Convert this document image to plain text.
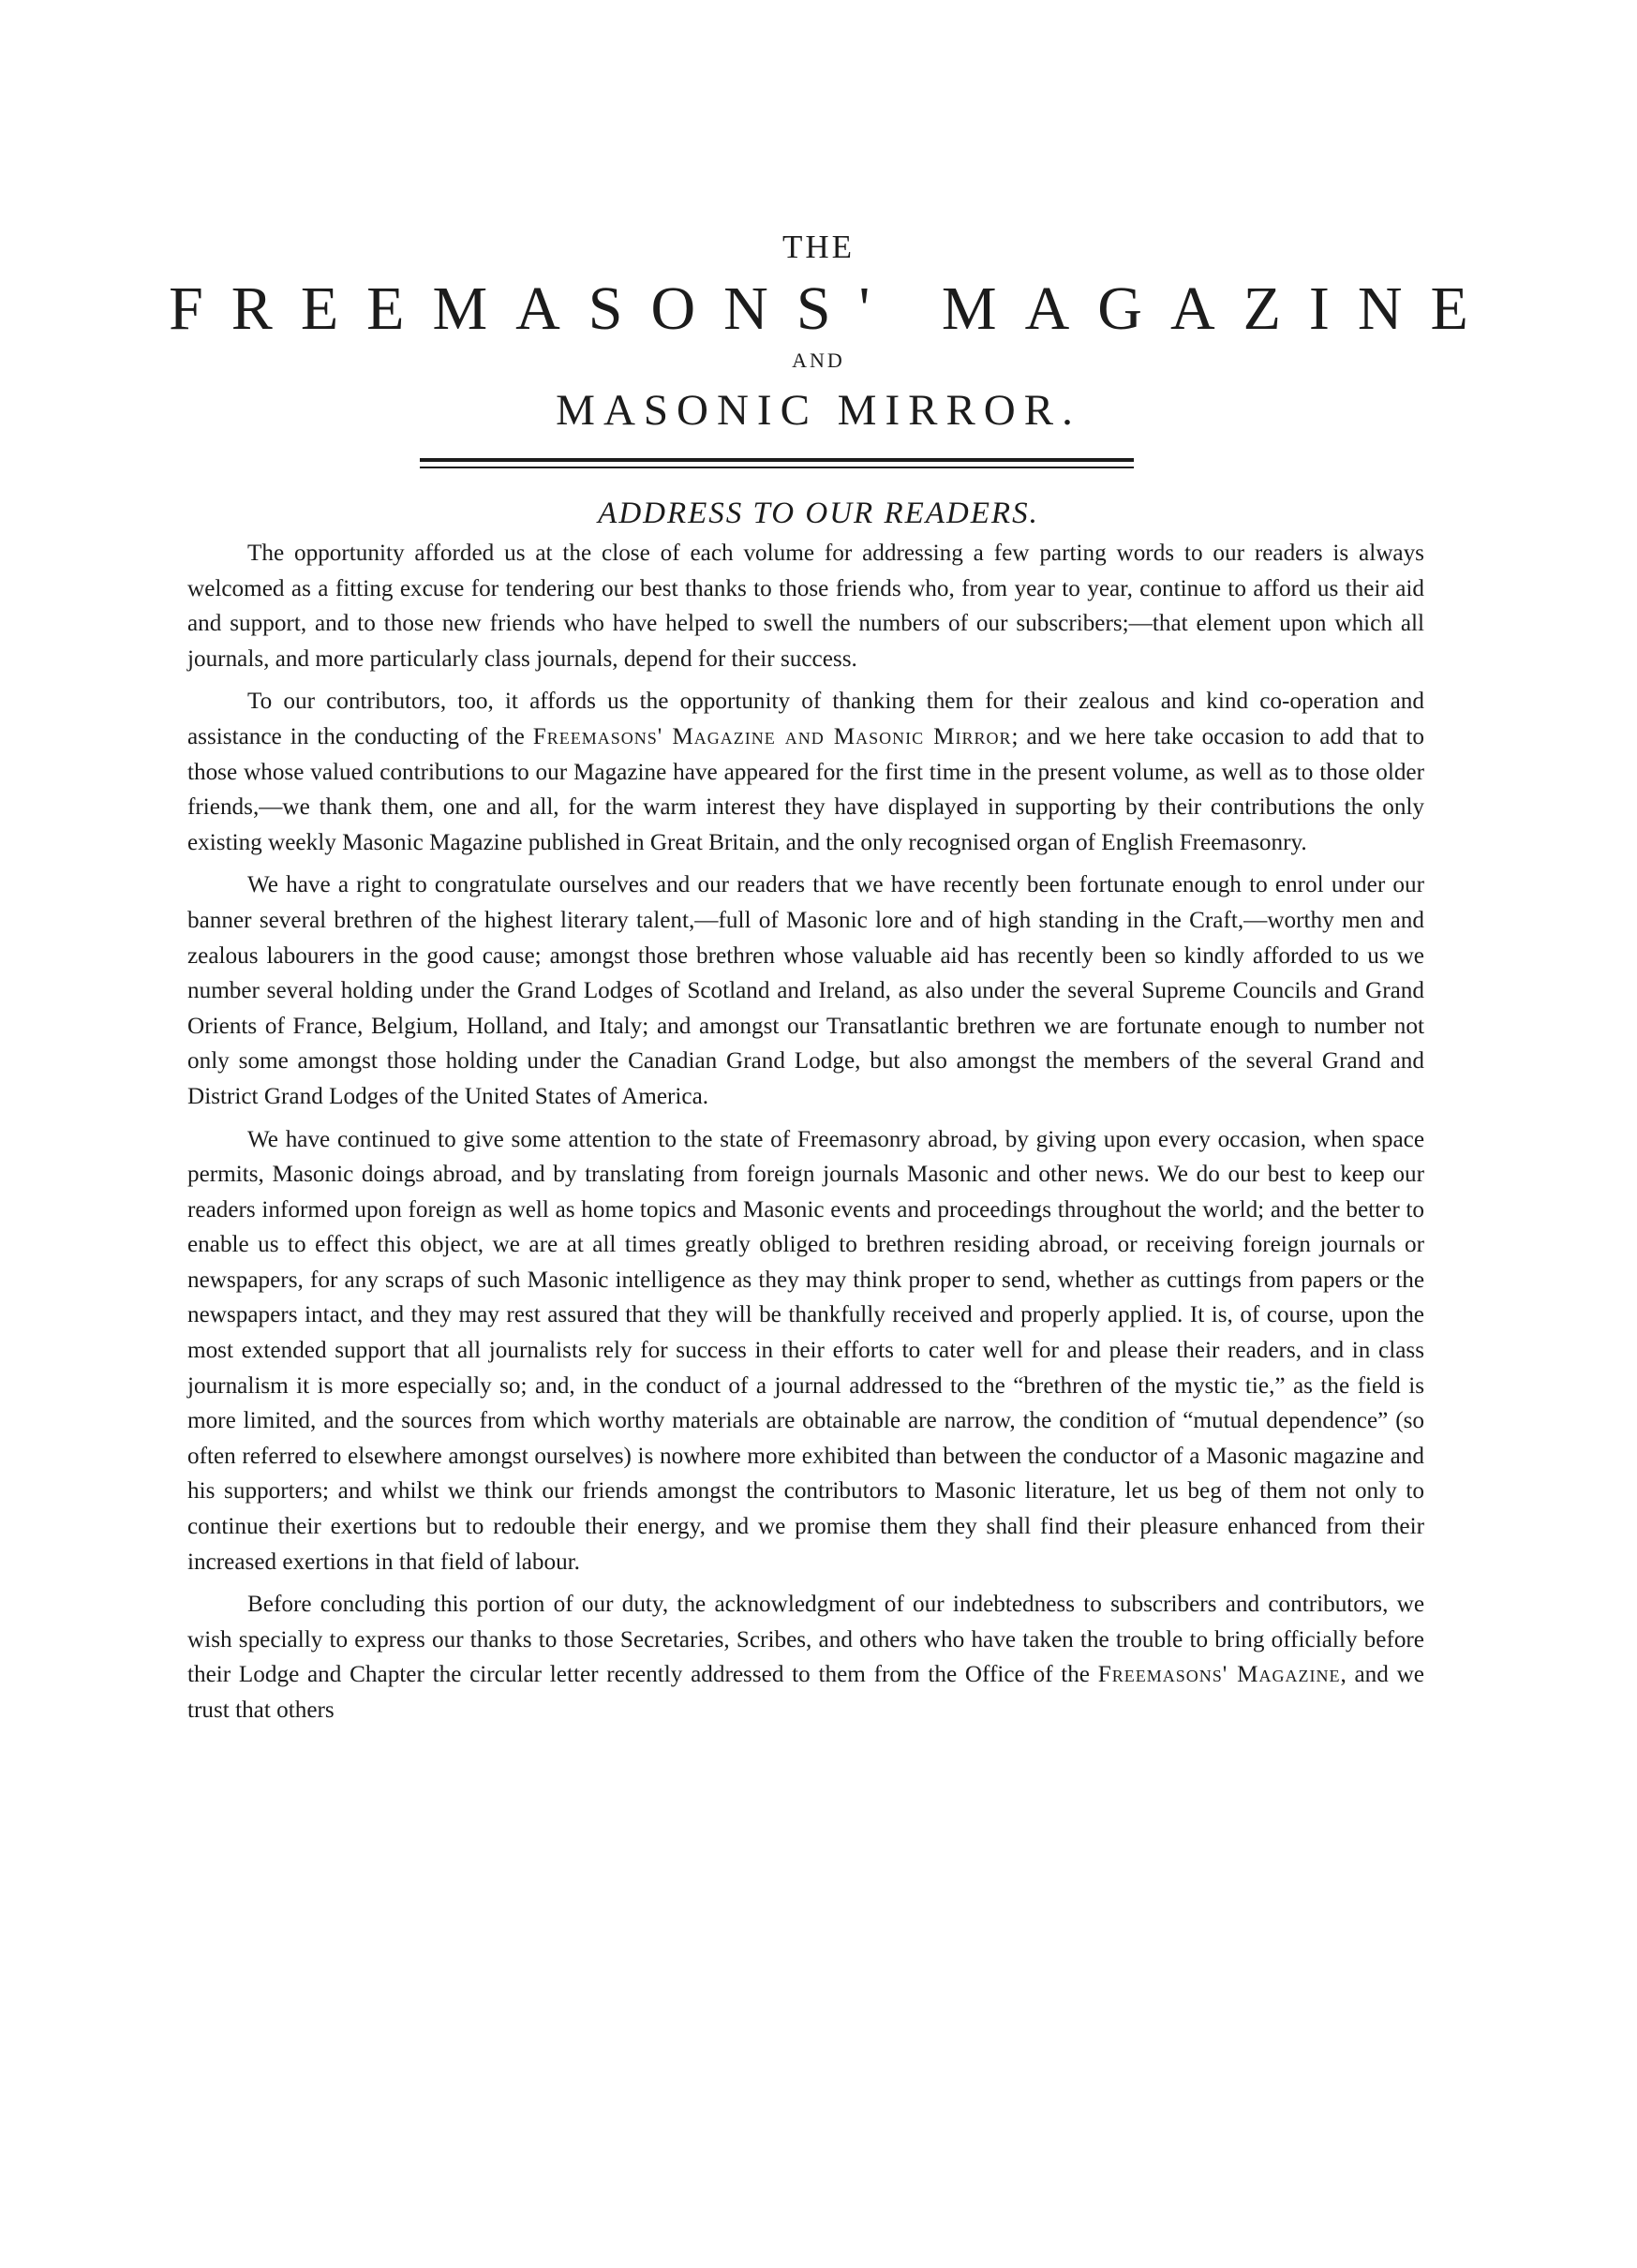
THE
FREEMASONS' MAGAZINE
AND
MASONIC MIRROR.
ADDRESS TO OUR READERS.

The opportunity afforded us at the close of each volume for addressing a few parting words to our readers is always welcomed as a fitting excuse for tendering our best thanks to those friends who, from year to year, continue to afford us their aid and support, and to those new friends who have helped to swell the numbers of our subscribers;—that element upon which all journals, and more particularly class journals, depend for their success.

To our contributors, too, it affords us the opportunity of thanking them for their zealous and kind co-operation and assistance in the conducting of the Freemasons' Magazine and Masonic Mirror; and we here take occasion to add that to those whose valued contributions to our Magazine have appeared for the first time in the present volume, as well as to those older friends,—we thank them, one and all, for the warm interest they have displayed in supporting by their contributions the only existing weekly Masonic Magazine published in Great Britain, and the only recognised organ of English Freemasonry.

We have a right to congratulate ourselves and our readers that we have recently been fortunate enough to enrol under our banner several brethren of the highest literary talent,—full of Masonic lore and of high standing in the Craft,—worthy men and zealous labourers in the good cause; amongst those brethren whose valuable aid has recently been so kindly afforded to us we number several holding under the Grand Lodges of Scotland and Ireland, as also under the several Supreme Councils and Grand Orients of France, Belgium, Holland, and Italy; and amongst our Transatlantic brethren we are fortunate enough to number not only some amongst those holding under the Canadian Grand Lodge, but also amongst the members of the several Grand and District Grand Lodges of the United States of America.

We have continued to give some attention to the state of Freemasonry abroad, by giving upon every occasion, when space permits, Masonic doings abroad, and by translating from foreign journals Masonic and other news. We do our best to keep our readers informed upon foreign as well as home topics and Masonic events and proceedings throughout the world; and the better to enable us to effect this object, we are at all times greatly obliged to brethren residing abroad, or receiving foreign journals or newspapers, for any scraps of such Masonic intelligence as they may think proper to send, whether as cuttings from papers or the newspapers intact, and they may rest assured that they will be thankfully received and properly applied. It is, of course, upon the most extended support that all journalists rely for success in their efforts to cater well for and please their readers, and in class journalism it is more especially so; and, in the conduct of a journal addressed to the “brethren of the mystic tie,” as the field is more limited, and the sources from which worthy materials are obtainable are narrow, the condition of “mutual dependence” (so often referred to elsewhere amongst ourselves) is nowhere more exhibited than between the conductor of a Masonic magazine and his supporters; and whilst we think our friends amongst the contributors to Masonic literature, let us beg of them not only to continue their exertions but to redouble their energy, and we promise them they shall find their pleasure enhanced from their increased exertions in that field of labour.

Before concluding this portion of our duty, the acknowledgment of our indebtedness to subscribers and contributors, we wish specially to express our thanks to those Secretaries, Scribes, and others who have taken the trouble to bring officially before their Lodge and Chapter the circular letter recently addressed to them from the Office of the Freemasons' Magazine, and we trust that others
